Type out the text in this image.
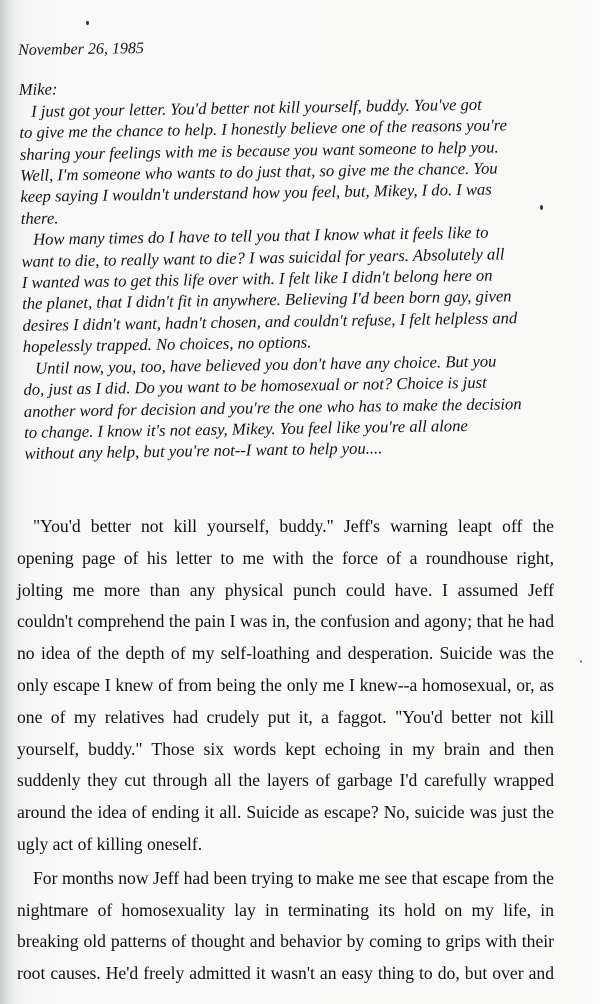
November 26, 1985
Mike:

I just got your letter. You'd better not kill yourself, buddy. You've got
to give me the chance to help. I honestly believe one of the reasons you're
sharing your feelings with me is because you want someone to help you.
Well, I'm someone who wants to do just that, so give me the chance. You
keep saying I wouldn't understand how you feel, but, Mikey, I do. I was
there.

How many times do I have to tell you that I know what it feels like to
want to die, to really want to die? I was suicidal for years. Absolutely all
I wanted was to get this life over with. I felt like I didn't belong here on
the planet, that I didn't fit in anywhere. Believing I'd been born gay, given
desires I didn't want, hadn't chosen, and couldn't refuse, I felt helpless and
hopelessly trapped. No choices, no options.

Until now, you, too, have believed you don't have any choice. But you
do, just as I did. Do you want to be homosexual or not? Choice is just
another word for decision and you're the one who has to make the decision
to change. I know it's not easy, Mikey. You feel like you're all alone
without any help, but you're not--I want to help you....

"You'd better not kill yourself, buddy." Jeff's warning leapt off the
opening page of his letter to me with the force of a roundhouse right,
jolting me more than any physical punch could have. I assumed Jeff
couldn't comprehend the pain I was in, the confusion and agony; that he had
no idea of the depth of my self-loathing and desperation. Suicide was the
only escape I knew of from being the only me I knew--a homosexual, or, as
one of my relatives had crudely put it, a faggot. "You'd better not kill
yourself, buddy." Those six words kept echoing in my brain and then
suddenly they cut through all the layers of garbage I'd carefully wrapped
around the idea of ending it all. Suicide as escape? No, suicide was just the
ugly act of killing oneself.
For months now Jeff had been trying to make me see that escape from the
nightmare of homosexuality lay in terminating its hold on my life, in
breaking old patterns of thought and behavior by coming to grips with their
root causes. He'd freely admitted it wasn't an easy thing to do, but over and
